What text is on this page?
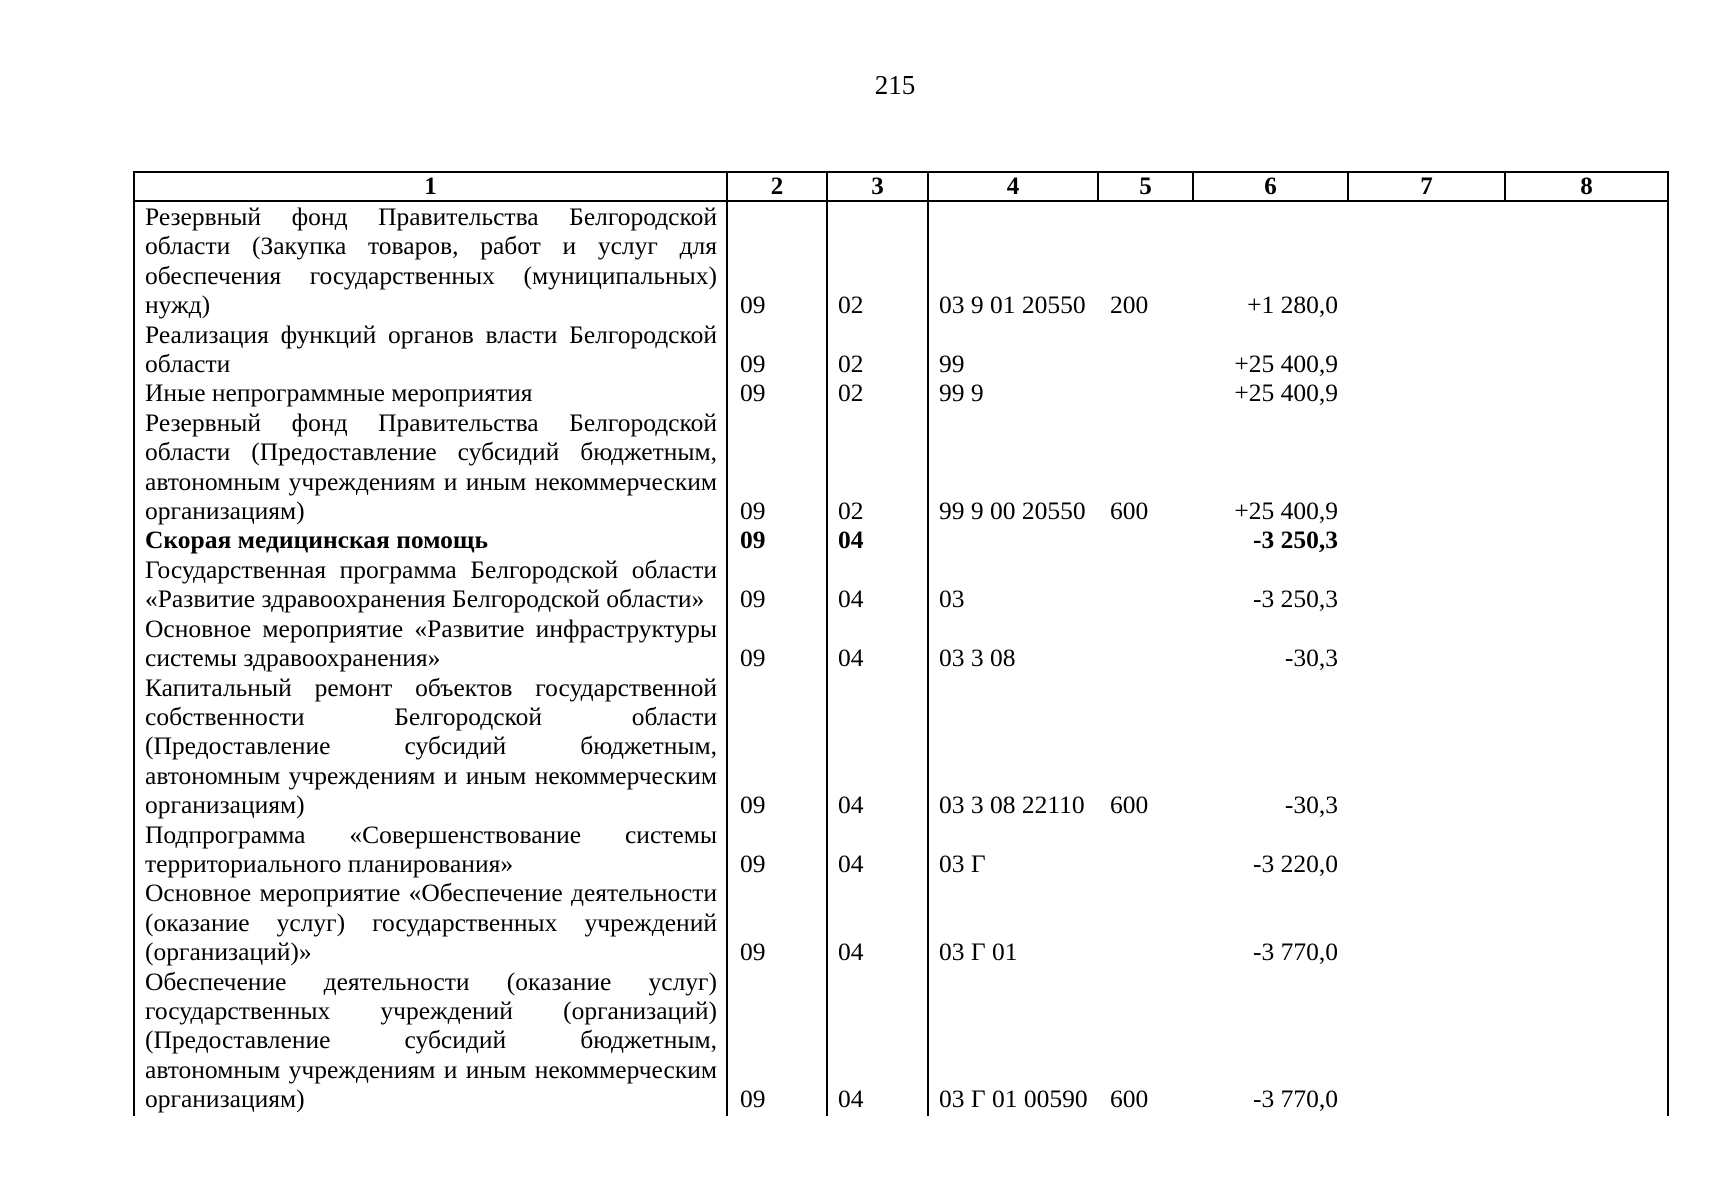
215
1	2	3	4	5	6	7	8
Резервный фонд Правительства Белгородской области (Закупка товаров, работ и услуг для обеспечения государственных (муниципальных) нужд)	09	02	03 9 01 20550	200	+1 280,0		
Реализация функций органов власти Белгородской области	09	02	99		+25 400,9		
Иные непрограммные мероприятия	09	02	99 9		+25 400,9		
Резервный фонд Правительства Белгородской области (Предоставление субсидий бюджетным, автономным учреждениям и иным некоммерческим организациям)	09	02	99 9 00 20550	600	+25 400,9		
Скорая медицинская помощь	09	04			-3 250,3		
Государственная программа Белгородской области «Развитие здравоохранения Белгородской области»	09	04	03		-3 250,3		
Основное мероприятие «Развитие инфраструктуры системы здравоохранения»	09	04	03 3 08		-30,3		
Капитальный ремонт объектов государственной собственности Белгородской области (Предоставление субсидий бюджетным, автономным учреждениям и иным некоммерческим организациям)	09	04	03 3 08 22110	600	-30,3		
Подпрограмма «Совершенствование системы территориального планирования»	09	04	03 Г		-3 220,0		
Основное мероприятие «Обеспечение деятельности (оказание услуг) государственных учреждений (организаций)»	09	04	03 Г 01		-3 770,0		
Обеспечение деятельности (оказание услуг) государственных учреждений (организаций) (Предоставление субсидий бюджетным, автономным учреждениям и иным некоммерческим организациям)	09	04	03 Г 01 00590	600	-3 770,0		
